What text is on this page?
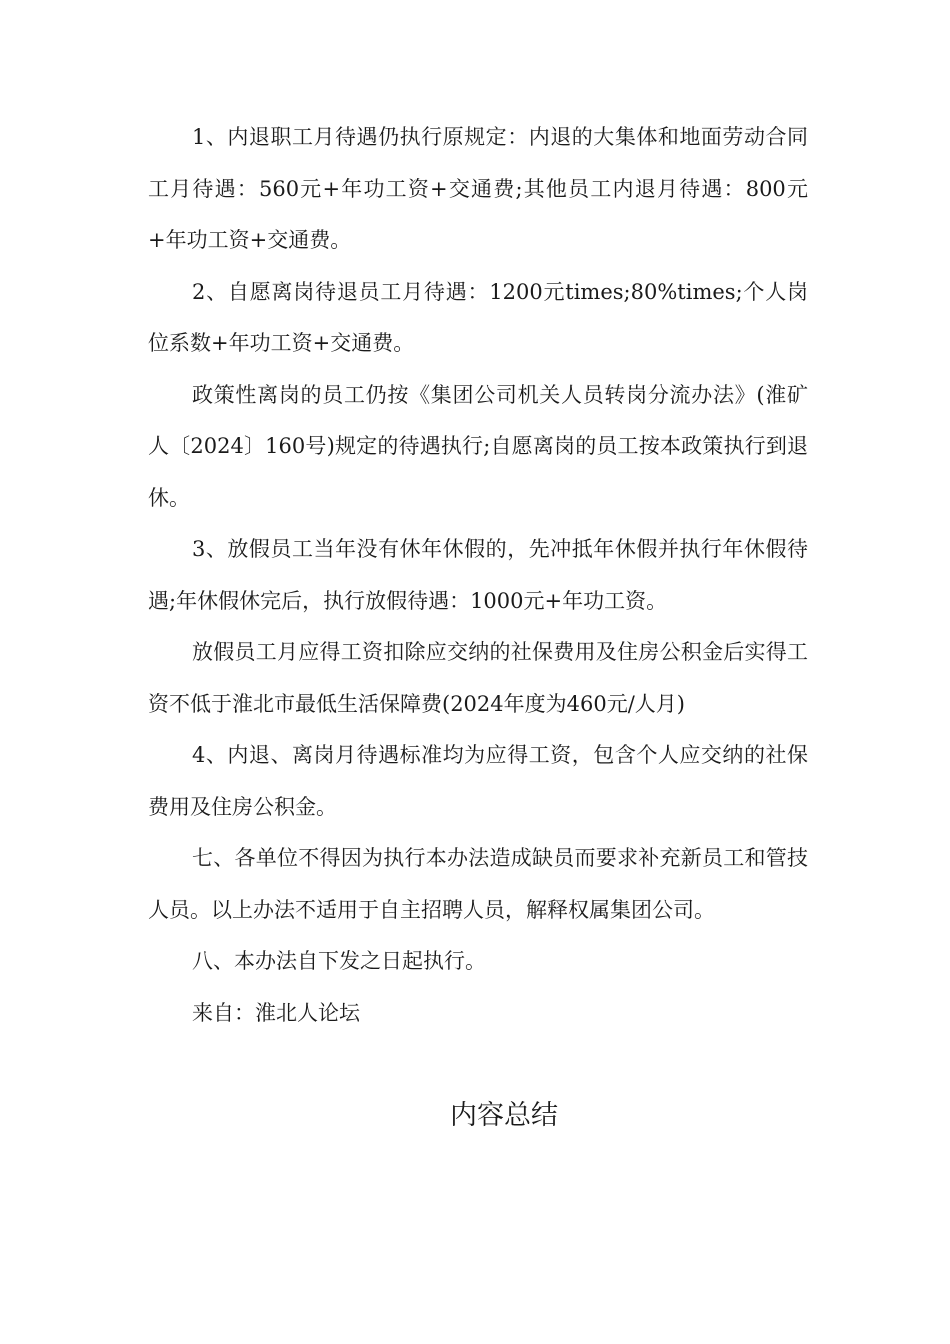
1、内退职工月待遇仍执行原规定：内退的大集体和地面劳动合同工月待遇：560元+年功工资+交通费;其他员工内退月待遇：800元+年功工资+交通费。

2、自愿离岗待退员工月待遇：1200元times;80%times;个人岗位系数+年功工资+交通费。

政策性离岗的员工仍按《集团公司机关人员转岗分流办法》(淮矿人〔2024〕160号)规定的待遇执行;自愿离岗的员工按本政策执行到退休。

3、放假员工当年没有休年休假的，先冲抵年休假并执行年休假待遇;年休假休完后，执行放假待遇：1000元+年功工资。

放假员工月应得工资扣除应交纳的社保费用及住房公积金后实得工资不低于淮北市最低生活保障费(2024年度为460元/人月)

4、内退、离岗月待遇标准均为应得工资，包含个人应交纳的社保费用及住房公积金。

七、各单位不得因为执行本办法造成缺员而要求补充新员工和管技人员。以上办法不适用于自主招聘人员，解释权属集团公司。

八、本办法自下发之日起执行。

来自：淮北人论坛

内容总结
